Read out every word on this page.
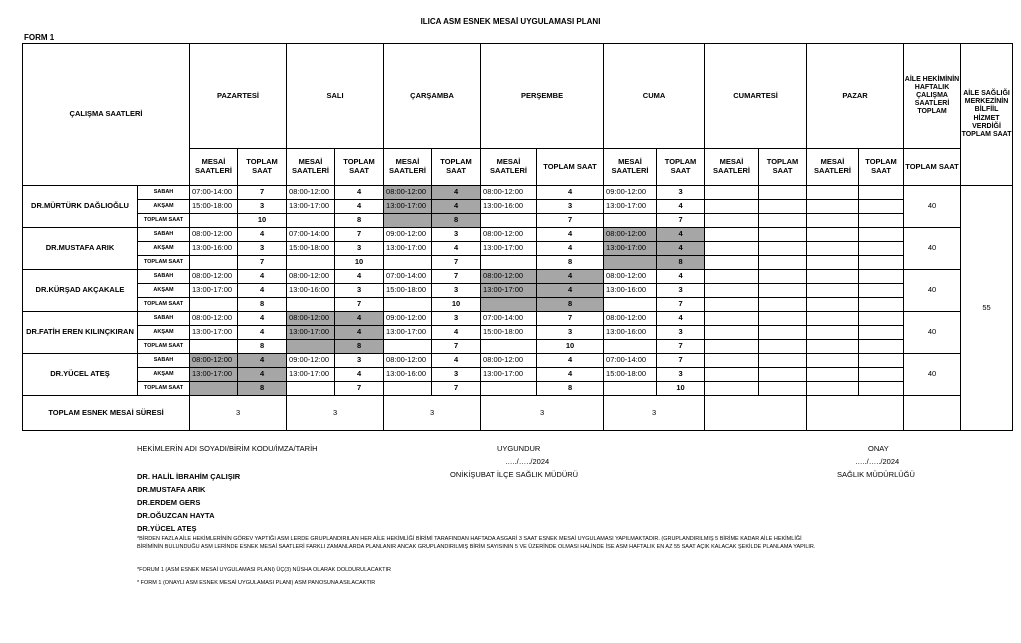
ILICA ASM ESNEK MESAİ UYGULAMASI PLANI
FORM 1
ÇALIŞMA SAATLERİ		PAZARTESİ		SALI		ÇARŞAMBA		PERŞEMBE		CUMA		CUMARTESİ		PAZAR		AİLE HEKİMİNİN HAFTALIK ÇALIŞMA SAATLERİ TOPLAM	AİLE SAĞLIĞI MERKEZİNİN BİLFİİL HİZMET VERDİĞİ TOPLAM SAAT
		MESAİ SAATLERİ	TOPLAM SAAT	MESAİ SAATLERİ	TOPLAM SAAT	MESAİ SAATLERİ	TOPLAM SAAT	MESAİ SAATLERİ	TOPLAM SAAT	MESAİ SAATLERİ	TOPLAM SAAT	MESAİ SAATLERİ	TOPLAM SAAT	MESAİ SAATLERİ	TOPLAM SAAT	TOPLAM SAAT	
DR.MÜRTÜRK DAĞLIOĞLU	SABAH	07:00-14:00	7	08:00-12:00	4	08:00-12:00	4	08:00-12:00	4	09:00-12:00	3					40	55
	AKŞAM	15:00-18:00	3	13:00-17:00	4	13:00-17:00	4	13:00-16:00	3	13:00-17:00	4						
	TOPLAM SAAT		10		8		8		7		7						
DR.MUSTAFA ARIK	SABAH	08:00-12:00	4	07:00-14:00	7	09:00-12:00	3	08:00-12:00	4	08:00-12:00	4					40	
	AKŞAM	13:00-16:00	3	15:00-18:00	3	13:00-17:00	4	13:00-17:00	4	13:00-17:00	4						
	TOPLAM SAAT		7		10		7		8		8						
DR.KÜRŞAD AKÇAKALE	SABAH	08:00-12:00	4	08:00-12:00	4	07:00-14:00	7	08:00-12:00	4	08:00-12:00	4					40	
	AKŞAM	13:00-17:00	4	13:00-16:00	3	15:00-18:00	3	13:00-17:00	4	13:00-16:00	3						
	TOPLAM SAAT		8		7		10		8		7						
DR.FATİH EREN KILINÇKIRAN	SABAH	08:00-12:00	4	08:00-12:00	4	09:00-12:00	3	07:00-14:00	7	08:00-12:00	4					40	
	AKŞAM	13:00-17:00	4	13:00-17:00	4	13:00-17:00	4	15:00-18:00	3	13:00-16:00	3						
	TOPLAM SAAT		8		8		7		10		7						
DR.YÜCEL ATEŞ	SABAH	08:00-12:00	4	09:00-12:00	3	08:00-12:00	4	08:00-12:00	4	07:00-14:00	7					40	
	AKŞAM	13:00-17:00	4	13:00-17:00	4	13:00-16:00	3	13:00-17:00	4	15:00-18:00	3						
	TOPLAM SAAT		8		7		7		8		10						
TOPLAM ESNEK MESAİ SÜRESİ		3		3		3		3		3							
HEKİMLERİN ADI SOYADI/BİRİM KODU/İMZA/TARİH
DR. HALİL İBRAHİM ÇALIŞIR
DR.MUSTAFA ARIK
DR.ERDEM GERS
DR.OĞUZCAN HAYTA
DR.YÜCEL ATEŞ
UYGUNDUR
…../…../2024
ONİKİŞUBAT İLÇE SAĞLIK MÜDÜRÜ
ONAY
…../…../2024
SAĞLIK MÜDÜRLÜĞÜ
*BİRDEN FAZLA AİLE HEKİMLERİNİN GÖREV YAPTIĞI ASM LERDE GRUPLANDIRILAN HER AİLE HEKİMLİĞİ BİRİMİ TARAFINDAN HAFTADA ASGARİ 3 SAAT ESNEK MESAİ UYGULAMASI YAPILMAKTADIR. (GRUPLANDIRILMIŞ 5 BİRİME KADAR AİLE HEKİMLİĞİ BİRİMİNİN BULUNDUĞU ASM LERİNDE ESNEK MESAİ SAATLERİ FARKLI ZAMANLARDA PLANLANIR ANCAK GRUPLANDIRILMIŞ BİRİM SAYISININ 5 VE ÜZERİNDE OLMASI HALİNDE İSE ASM HAFTALIK EN AZ 55 SAAT AÇIK KALACAK ŞEKİLDE PLANLAMA YAPILIR.
*FORUM 1 (ASM ESNEK MESAİ UYGULAMASI PLANI) ÜÇ(3) NÜSHA OLARAK DOLDURULACAKTIR
* FORM 1 (ONAYLI ASM ESNEK MESAİ UYGULAMASI PLANI) ASM PANOSUNA ASILACAKTIR
